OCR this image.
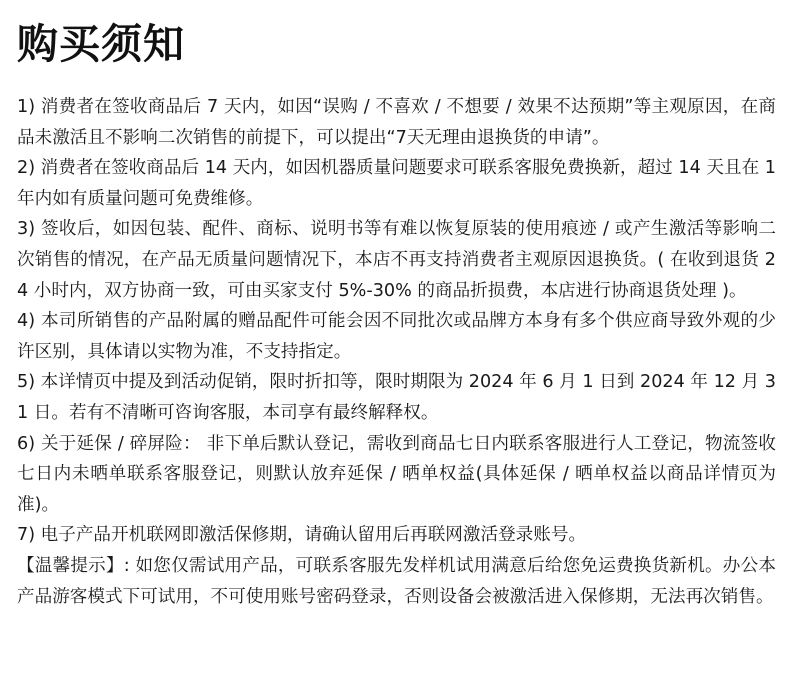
购买须知

1) 消费者在签收商品后 7 天内，如因“误购 / 不喜欢 / 不想要 / 效果不达预期”等主观原因，在商品未激活且不影响二次销售的前提下，可以提出“7天无理由退换货的申请”。

2) 消费者在签收商品后 14 天内，如因机器质量问题要求可联系客服免费换新，超过 14 天且在 1 年内如有质量问题可免费维修。

3) 签收后，如因包装、配件、商标、说明书等有难以恢复原装的使用痕迹 / 或产生激活等影响二次销售的情况，在产品无质量问题情况下，本店不再支持消费者主观原因退换货。( 在收到退货 24 小时内，双方协商一致，可由买家支付 5%-30% 的商品折损费，本店进行协商退货处理 )。

4) 本司所销售的产品附属的赠品配件可能会因不同批次或品牌方本身有多个供应商导致外观的少许区别，具体请以实物为准，不支持指定。

5) 本详情页中提及到活动促销，限时折扣等，限时期限为 2024 年 6 月 1 日到 2024 年 12 月 31 日。若有不清晰可咨询客服，本司享有最终解释权。

6) 关于延保 / 碎屏险： 非下单后默认登记，需收到商品七日内联系客服进行人工登记，物流签收七日内未晒单联系客服登记，则默认放弃延保 / 晒单权益(具体延保 / 晒单权益以商品详情页为准)。

7) 电子产品开机联网即激活保修期，请确认留用后再联网激活登录账号。

【温馨提示】: 如您仅需试用产品，可联系客服先发样机试用满意后给您免运费换货新机。办公本产品游客模式下可试用，不可使用账号密码登录，否则设备会被激活进入保修期，无法再次销售。
